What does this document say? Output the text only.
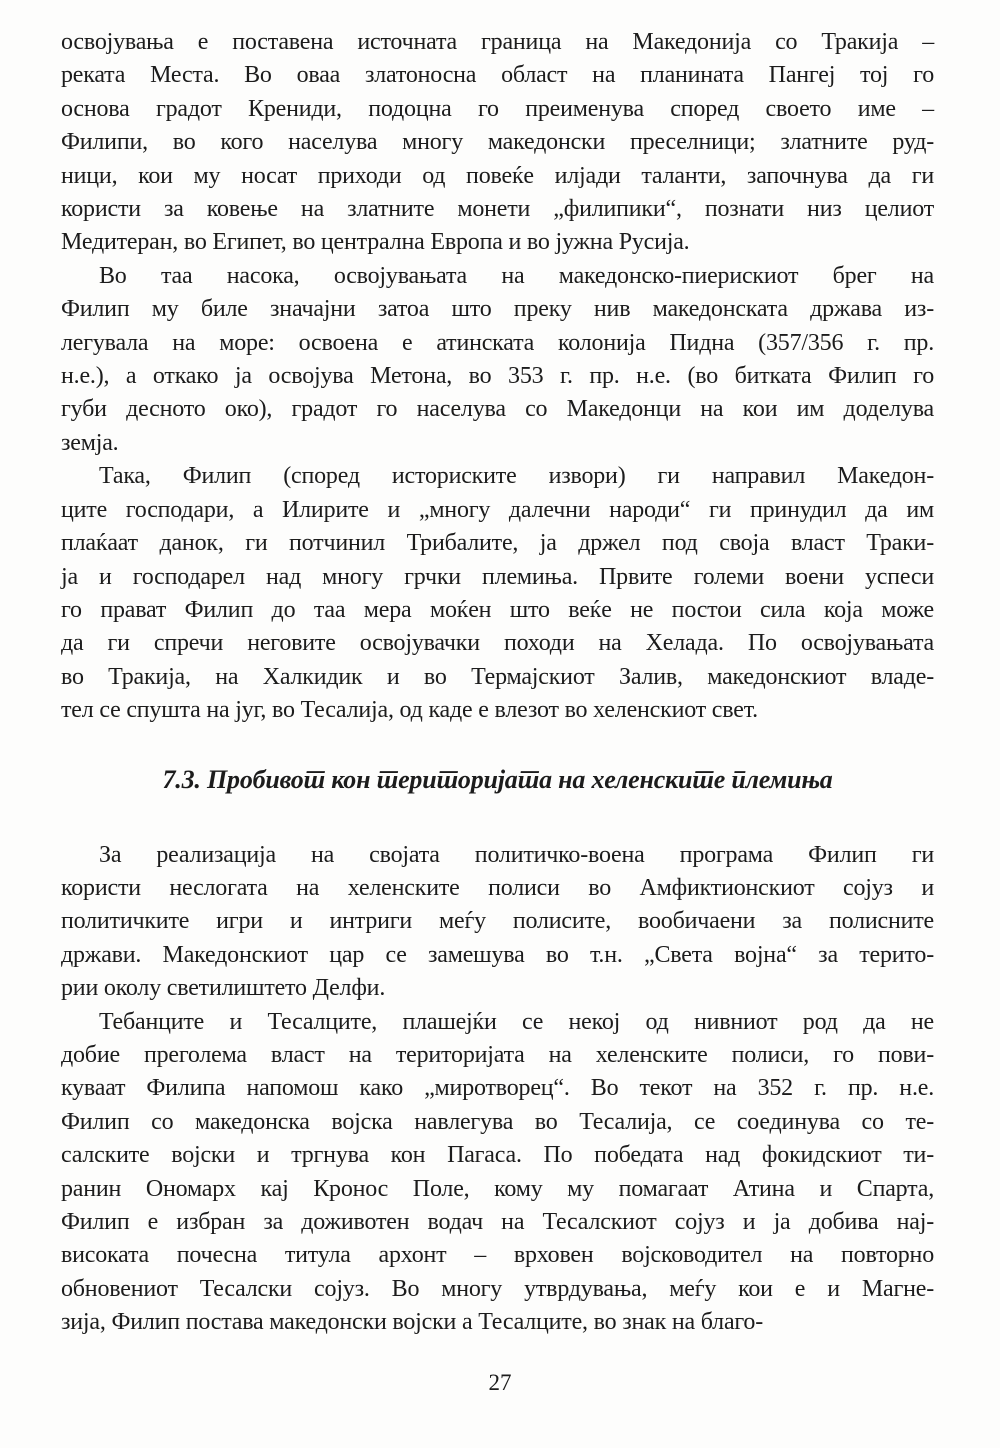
освојувања е поставена источната граница на Македонија со Тракија –
реката Места. Во оваа златоносна област на планината Пангеј тој го
основа градот Крениди, подоцна го преименува според своето име –
Филипи, во кого населува многу македонски преселници; златните руд-
ници, кои му носат приходи од повеќе илјади таланти, започнува да ги
користи за ковење на златните монети „филипики“, познати низ целиот
Медитеран, во Египет, во централна Европа и во јужна Русија.

Во таа насока, освојувањата на македонско-пиерискиот брег на
Филип му биле значајни затоа што преку нив македонската држава из-
легувала на море: освоена е атинската колонија Пидна (357/356 г. пр.
н.е.), а откако ја освојува Метона, во 353 г. пр. н.е. (во битката Филип го
губи десното око), градот го населува со Македонци на кои им доделува
земја.

Така, Филип (според историските извори) ги направил Македон-
ците господари, а Илирите и „многу далечни народи“ ги принудил да им
плаќаат данок, ги потчинил Трибалите, ја држел под своја власт Траки-
ја и господарел над многу грчки племиња. Првите големи воени успеси
го прават Филип до таа мера моќен што веќе не постои сила која може
да ги спречи неговите освојувачки походи на Хелада. По освојувањата
во Тракија, на Халкидик и во Термајскиот Залив, македонскиот владе-
тел се спушта на југ, во Тесалија, од каде е влезот во хеленскиот свет.

7.3. Пробивот кон територијата на хеленските племиња

За реализација на својата политичко-воена програма Филип ги
користи неслогата на хеленските полиси во Амфиктионскиот сојуз и
политичките игри и интриги меѓу полисите, вообичаени за полисните
држави. Македонскиот цар се замешува во т.н. „Света војна“ за терито-
рии околу светилиштето Делфи.

Тебанците и Тесалците, плашејќи се некој од нивниот род да не
добие преголема власт на територијата на хеленските полиси, го пови-
куваат Филипа напомош како „миротворец“. Во текот на 352 г. пр. н.е.
Филип со македонска војска навлегува во Тесалија, се соединува со те-
салските војски и тргнува кон Пагаса. По победата над фокидскиот ти-
ранин Ономарх кај Кронос Поле, кому му помагаат Атина и Спарта,
Филип е избран за доживотен водач на Тесалскиот сојуз и ја добива нај-
високата почесна титула архонт – врховен војсководител на повторно
обновениот Тесалски сојуз. Во многу утврдувања, меѓу кои е и Магне-
зија, Филип постава македонски војски а Тесалците, во знак на благо-

27
